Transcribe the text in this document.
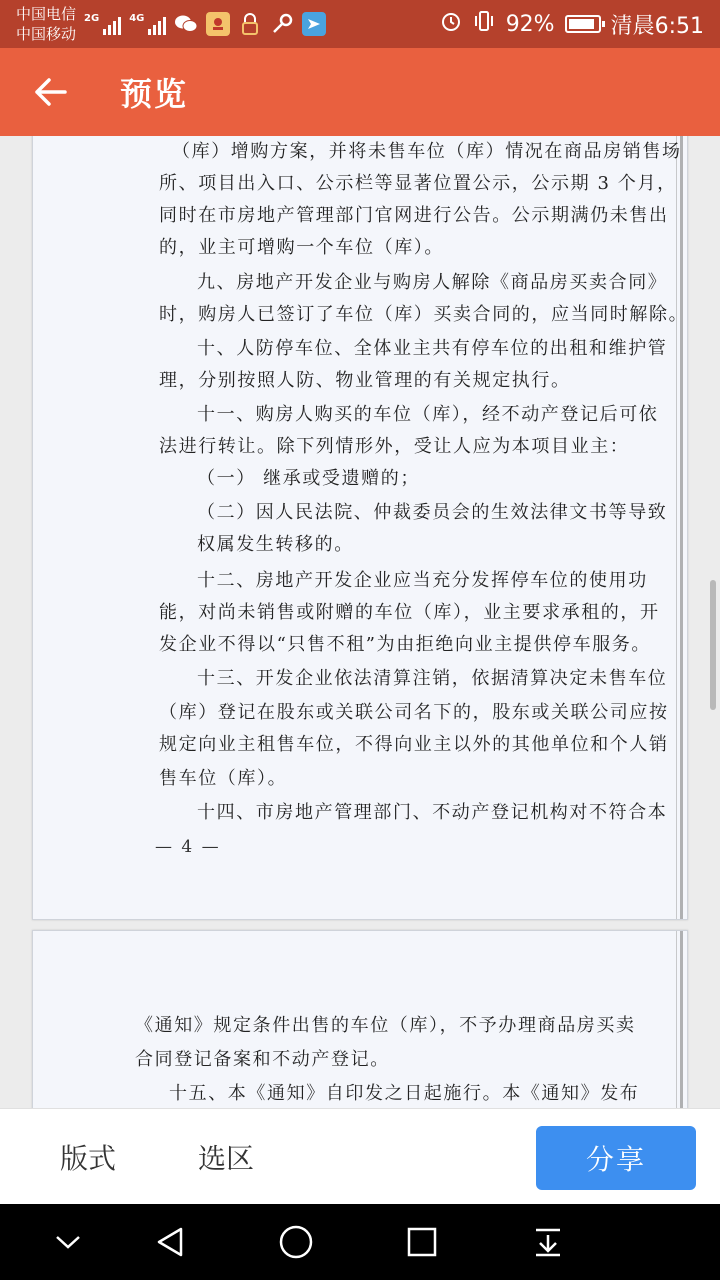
中国电信
中国移动
2G	4G	92%	清晨6:51
预览
（库）增购方案，并将未售车位（库）情况在商品房销售场
所、项目出入口、公示栏等显著位置公示，公示期 3 个月，
同时在市房地产管理部门官网进行公告。公示期满仍未售出
的，业主可增购一个车位（库）。
九、房地产开发企业与购房人解除《商品房买卖合同》
时，购房人已签订了车位（库）买卖合同的，应当同时解除。
十、人防停车位、全体业主共有停车位的出租和维护管
理，分别按照人防、物业管理的有关规定执行。
十一、购房人购买的车位（库），经不动产登记后可依
法进行转让。除下列情形外，受让人应为本项目业主：
（一） 继承或受遗赠的；
（二）因人民法院、仲裁委员会的生效法律文书等导致
权属发生转移的。
十二、房地产开发企业应当充分发挥停车位的使用功
能，对尚未销售或附赠的车位（库），业主要求承租的，开
发企业不得以“只售不租”为由拒绝向业主提供停车服务。
十三、开发企业依法清算注销，依据清算决定未售车位
（库）登记在股东或关联公司名下的，股东或关联公司应按
规定向业主租售车位，不得向业主以外的其他单位和个人销
售车位（库）。
十四、市房地产管理部门、不动产登记机构对不符合本
— 4 —
《通知》规定条件出售的车位（库），不予办理商品房买卖
合同登记备案和不动产登记。
十五、本《通知》自印发之日起施行。本《通知》发布
版式	选区	分享
